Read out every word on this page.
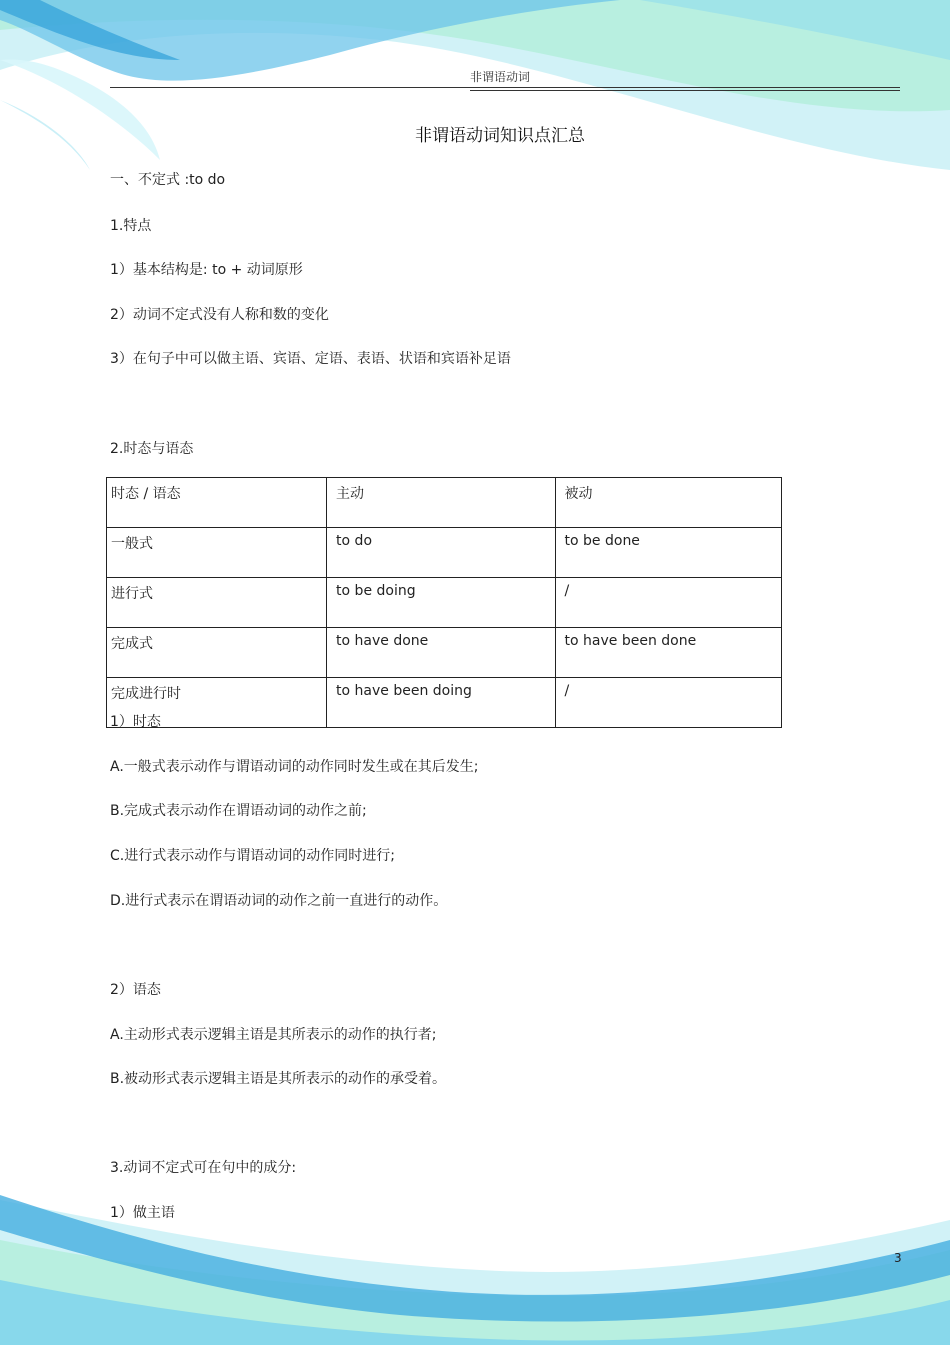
非谓语动词
非谓语动词知识点汇总
一、不定式 :to do
1.特点
1）基本结构是: to + 动词原形
2）动词不定式没有人称和数的变化
3）在句子中可以做主语、宾语、定语、表语、状语和宾语补足语
2.时态与语态
时态 / 语态	主动	被动
一般式	to do	to be done
进行式	to be doing	/
完成式	to have done	to have been done
完成进行时	to have been doing	/
1）时态
A.一般式表示动作与谓语动词的动作同时发生或在其后发生;
B.完成式表示动作在谓语动词的动作之前;
C.进行式表示动作与谓语动词的动作同时进行;
D.进行式表示在谓语动词的动作之前一直进行的动作。
2）语态
A.主动形式表示逻辑主语是其所表示的动作的执行者;
B.被动形式表示逻辑主语是其所表示的动作的承受着。
3.动词不定式可在句中的成分:
1）做主语
3
